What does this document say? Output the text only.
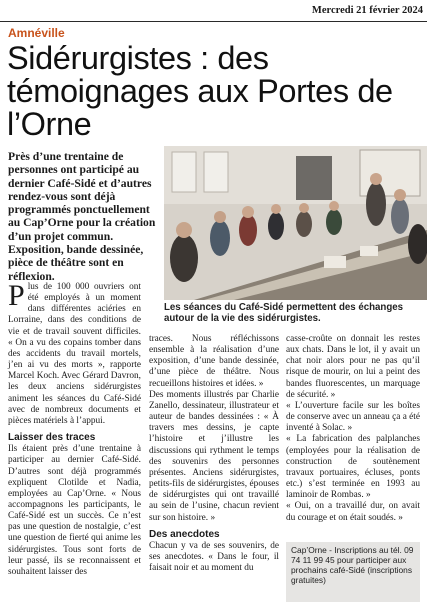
Mercredi 21 février 2024
Amnéville
Sidérurgistes : des témoignages aux Portes de l’Orne
Près d’une trentaine de personnes ont participé au dernier Café-Sidé et d’autres rendez-vous sont déjà programmés ponctuellement au Cap’Orne pour la création d’un projet commun. Exposition, bande dessinée, pièce de théâtre sont en réflexion.
Les séances du Café-Sidé permettent des échanges autour de la vie des sidérurgistes.

Plus de 100 000 ouvriers ont été employés à un moment dans différentes aciéries en Lorraine, dans des conditions de vie et de travail souvent difficiles. « On a vu des copains tomber dans des accidents du travail mortels, j’en ai vu des morts », rapporte Marcel Koch. Avec Gérard Davron, les deux anciens sidérurgistes animent les séances du Café-Sidé avec de nombreux documents et pièces matériels à l’appui.

Laisser des traces

Ils étaient près d’une trentaine à participer au dernier Café-Sidé. D’autres sont déjà programmés expliquent Clotilde et Nadia, employées au Cap’Orne. « Nous accompagnons les participants, le Café-Sidé est un succès. Ce n’est pas une question de nostalgie, c’est une question de fierté qui anime les sidérurgistes. Tous sont forts de leur passé, ils se reconnaissent et souhaitent laisser des

traces. Nous réfléchissons ensemble à la réalisation d’une exposition, d’une bande dessinée, d’une pièce de théâtre. Nous recueillons histoires et idées. »

Des moments illustrés par Charlie Zanello, dessinateur, illustrateur et auteur de bandes dessinées : « À travers mes dessins, je capte l’histoire et j’illustre les discussions qui rythment le temps des souvenirs des personnes présentes. Anciens sidérurgistes, petits-fils de sidérurgistes, épouses de sidérurgistes qui ont travaillé au sein de l’usine, chacun revient sur son histoire. »

Des anecdotes

Chacun y va de ses souvenirs, de ses anecdotes. « Dans le four, il faisait noir et au moment du

casse-croûte on donnait les restes aux chats. Dans le lot, il y avait un chat noir alors pour ne pas qu’il risque de mourir, on lui a peint des bandes fluorescentes, un marquage de sécurité. »

« L’ouverture facile sur les boîtes de conserve avec un anneau ça a été inventé à Solac. »

« La fabrication des palplanches (employées pour la réalisation de construction de soutènement travaux portuaires, écluses, ponts etc.) s’est terminée en 1993 au laminoir de Rombas. »

« Oui, on a travaillé dur, on avait du courage et on était soudés. »

Cap’Orne - Inscriptions au tél. 09 74 11 99 45 pour participer aux prochains café-Sidé (inscriptions gratuites)
